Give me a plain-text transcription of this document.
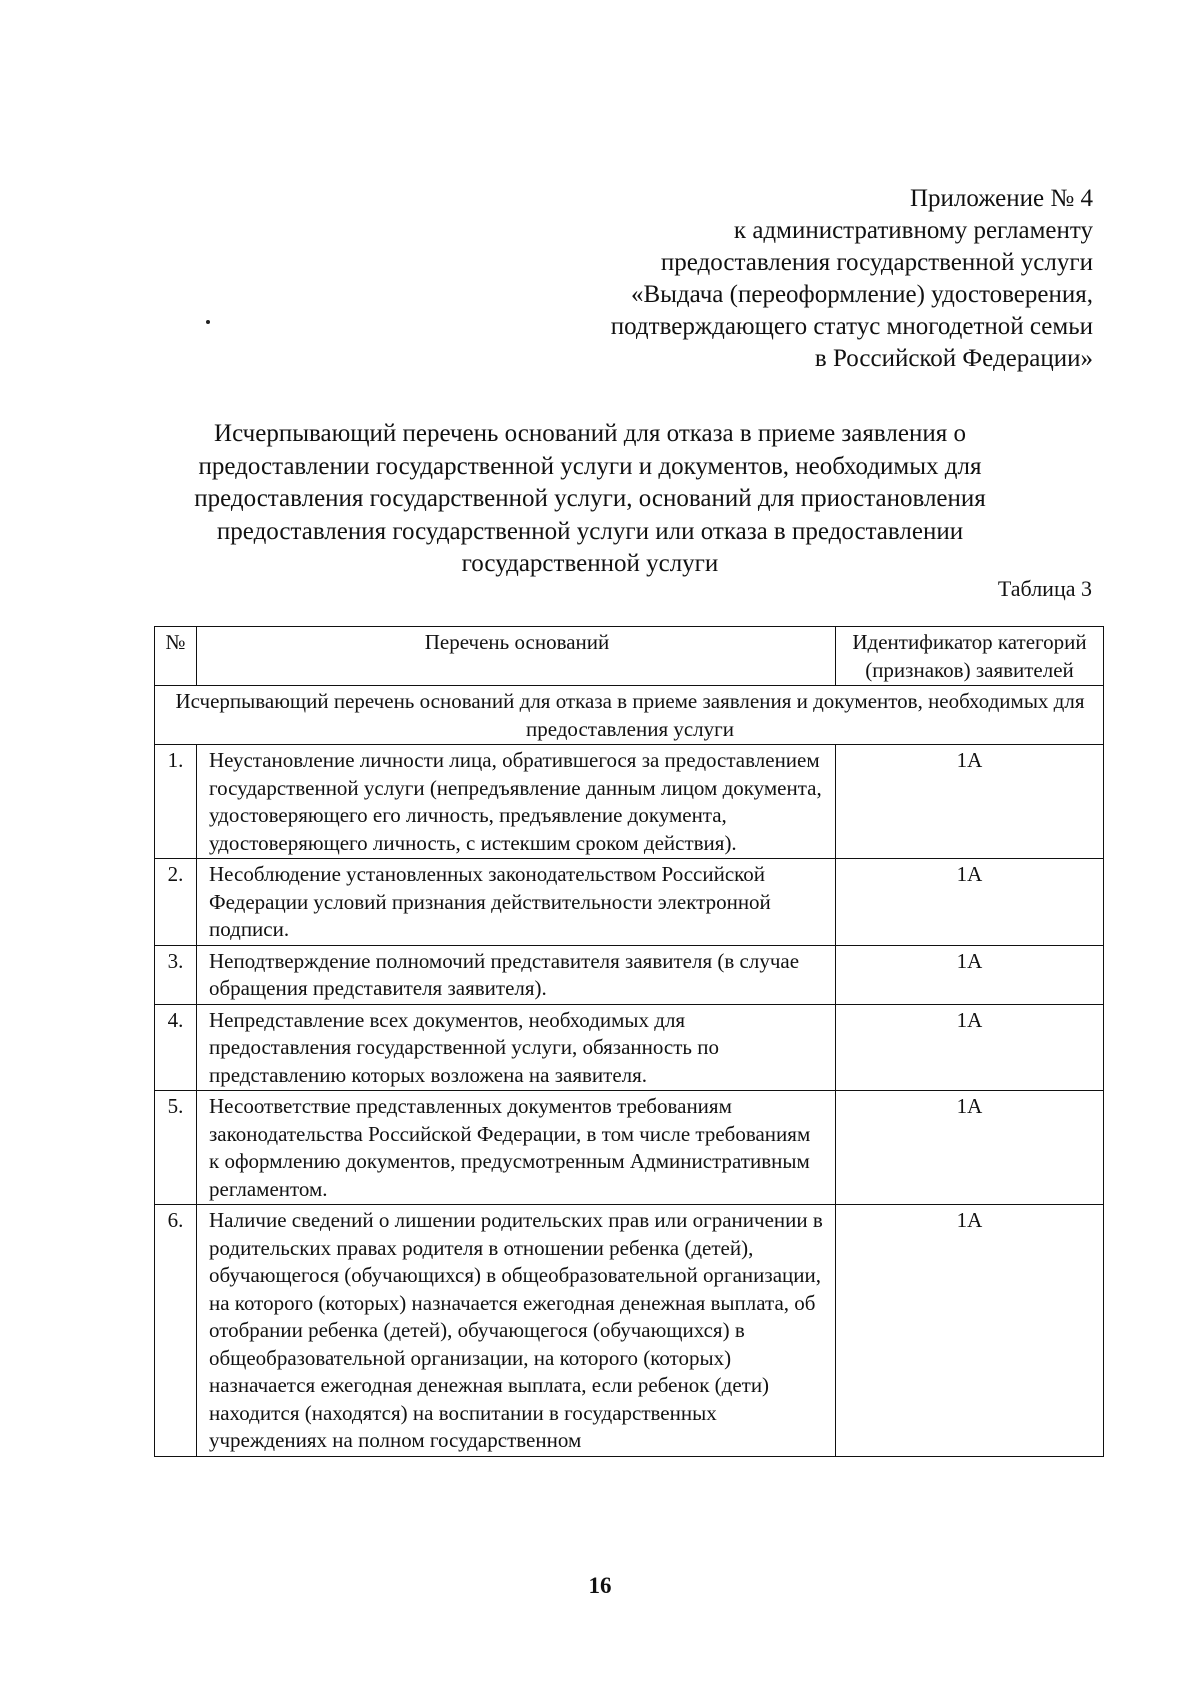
Приложение № 4
к административному регламенту
предоставления государственной услуги
«Выдача (переоформление) удостоверения,
подтверждающего статус многодетной семьи
в Российской Федерации»
Исчерпывающий перечень оснований для отказа в приеме заявления о
предоставлении государственной услуги и документов, необходимых для
предоставления государственной услуги, оснований для приостановления
предоставления государственной услуги или отказа в предоставлении
государственной услуги
Таблица 3
№	Перечень оснований	Идентификатор категорий (признаков) заявителей
Исчерпывающий перечень оснований для отказа в приеме заявления и документов, необходимых для предоставления услуги		
1.	Неустановление личности лица, обратившегося за предоставлением государственной услуги (непредъявление данным лицом документа, удостоверяющего его личность, предъявление документа, удостоверяющего личность, с истекшим сроком действия).	1А
2.	Несоблюдение установленных законодательством Российской Федерации условий признания действительности электронной подписи.	1А
3.	Неподтверждение полномочий представителя заявителя (в случае обращения представителя заявителя).	1А
4.	Непредставление всех документов, необходимых для предоставления государственной услуги, обязанность по представлению которых возложена на заявителя.	1А
5.	Несоответствие представленных документов требованиям законодательства Российской Федерации, в том числе требованиям к оформлению документов, предусмотренным Административным регламентом.	1А
6.	Наличие сведений о лишении родительских прав или ограничении в родительских правах родителя в отношении ребенка (детей), обучающегося (обучающихся) в общеобразовательной организации, на которого (которых) назначается ежегодная денежная выплата, об отобрании ребенка (детей), обучающегося (обучающихся) в общеобразовательной организации, на которого (которых) назначается ежегодная денежная выплата, если ребенок (дети) находится (находятся) на воспитании в государственных учреждениях на полном государственном	1А
16
